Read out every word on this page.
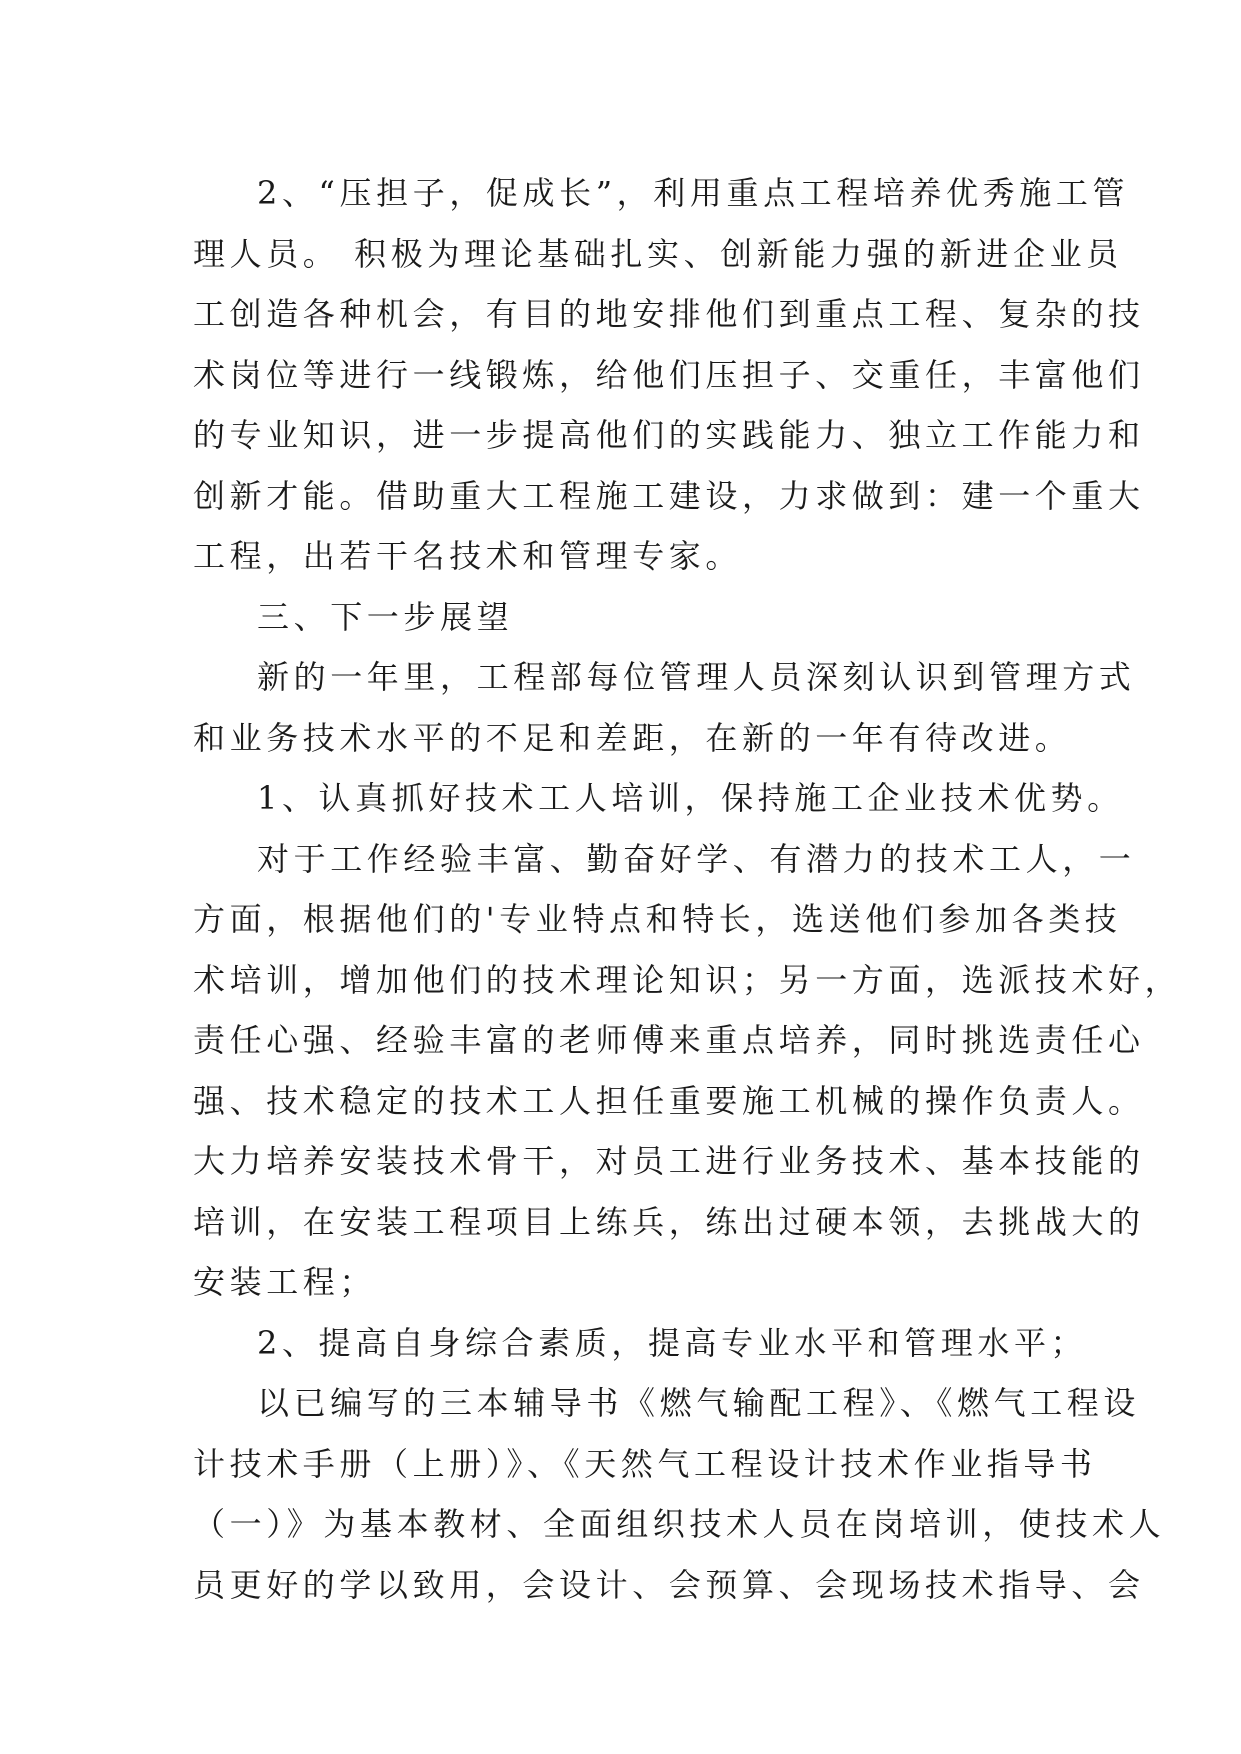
2、“压担子，促成长”，利用重点工程培养优秀施工管
理人员。 积极为理论基础扎实、创新能力强的新进企业员
工创造各种机会，有目的地安排他们到重点工程、复杂的技
术岗位等进行一线锻炼，给他们压担子、交重任，丰富他们
的专业知识，进一步提高他们的实践能力、独立工作能力和
创新才能。借助重大工程施工建设，力求做到：建一个重大
工程，出若干名技术和管理专家。
三、下一步展望
新的一年里，工程部每位管理人员深刻认识到管理方式
和业务技术水平的不足和差距，在新的一年有待改进。
1、认真抓好技术工人培训，保持施工企业技术优势。
对于工作经验丰富、勤奋好学、有潜力的技术工人，一
方面，根据他们的'专业特点和特长，选送他们参加各类技
术培训，增加他们的技术理论知识；另一方面，选派技术好，
责任心强、经验丰富的老师傅来重点培养，同时挑选责任心
强、技术稳定的技术工人担任重要施工机械的操作负责人。
大力培养安装技术骨干，对员工进行业务技术、基本技能的
培训，在安装工程项目上练兵，练出过硬本领，去挑战大的
安装工程；
2、提高自身综合素质，提高专业水平和管理水平；
以已编写的三本辅导书《燃气输配工程》、《燃气工程设
计技术手册（上册）》、《天然气工程设计技术作业指导书
（一）》为基本教材、全面组织技术人员在岗培训，使技术人
员更好的学以致用，会设计、会预算、会现场技术指导、会
